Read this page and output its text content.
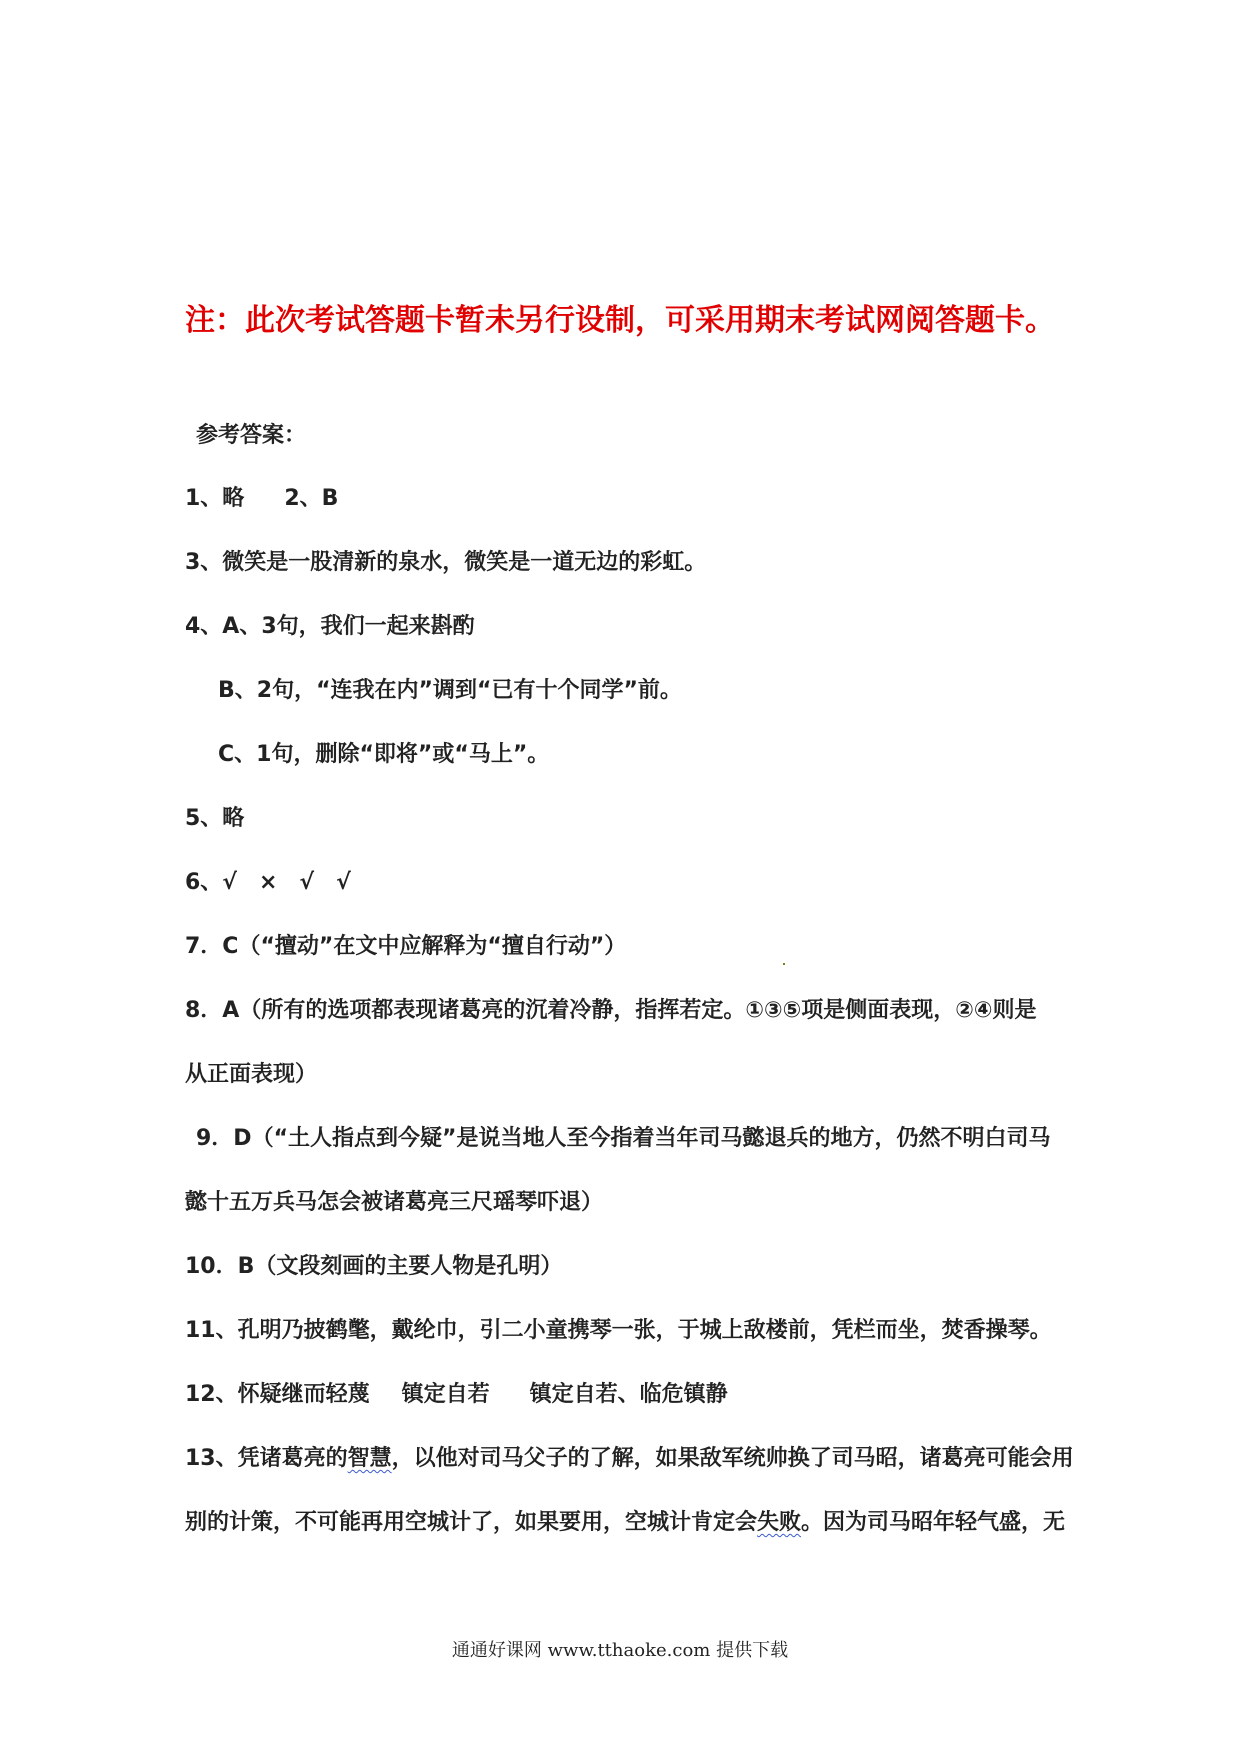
注：此次考试答题卡暂未另行设制，可采用期末考试网阅答题卡。
参考答案：
1、略 2、B
3、微笑是一股清新的泉水，微笑是一道无边的彩虹。
4、A、3句，我们一起来斟酌
B、2句，“连我在内”调到“已有十个同学”前。
C、1句，删除“即将”或“马上”。
5、略
6、√　×　√　√
7．C（“擅动”在文中应解释为“擅自行动”）
8．A（所有的选项都表现诸葛亮的沉着冷静，指挥若定。①③⑤项是侧面表现，②④则是
从正面表现）
9．D（“土人指点到今疑”是说当地人至今指着当年司马懿退兵的地方，仍然不明白司马
懿十五万兵马怎会被诸葛亮三尺瑶琴吓退）
10．B（文段刻画的主要人物是孔明）
11、孔明乃披鹤氅，戴纶巾，引二小童携琴一张，于城上敌楼前，凭栏而坐，焚香操琴。
12、怀疑继而轻蔑 镇定自若 镇定自若、临危镇静
13、凭诸葛亮的智慧，以他对司马父子的了解，如果敌军统帅换了司马昭，诸葛亮可能会用
别的计策，不可能再用空城计了，如果要用，空城计肯定会失败。因为司马昭年轻气盛，无
通通好课网 www.tthaoke.com 提供下载
